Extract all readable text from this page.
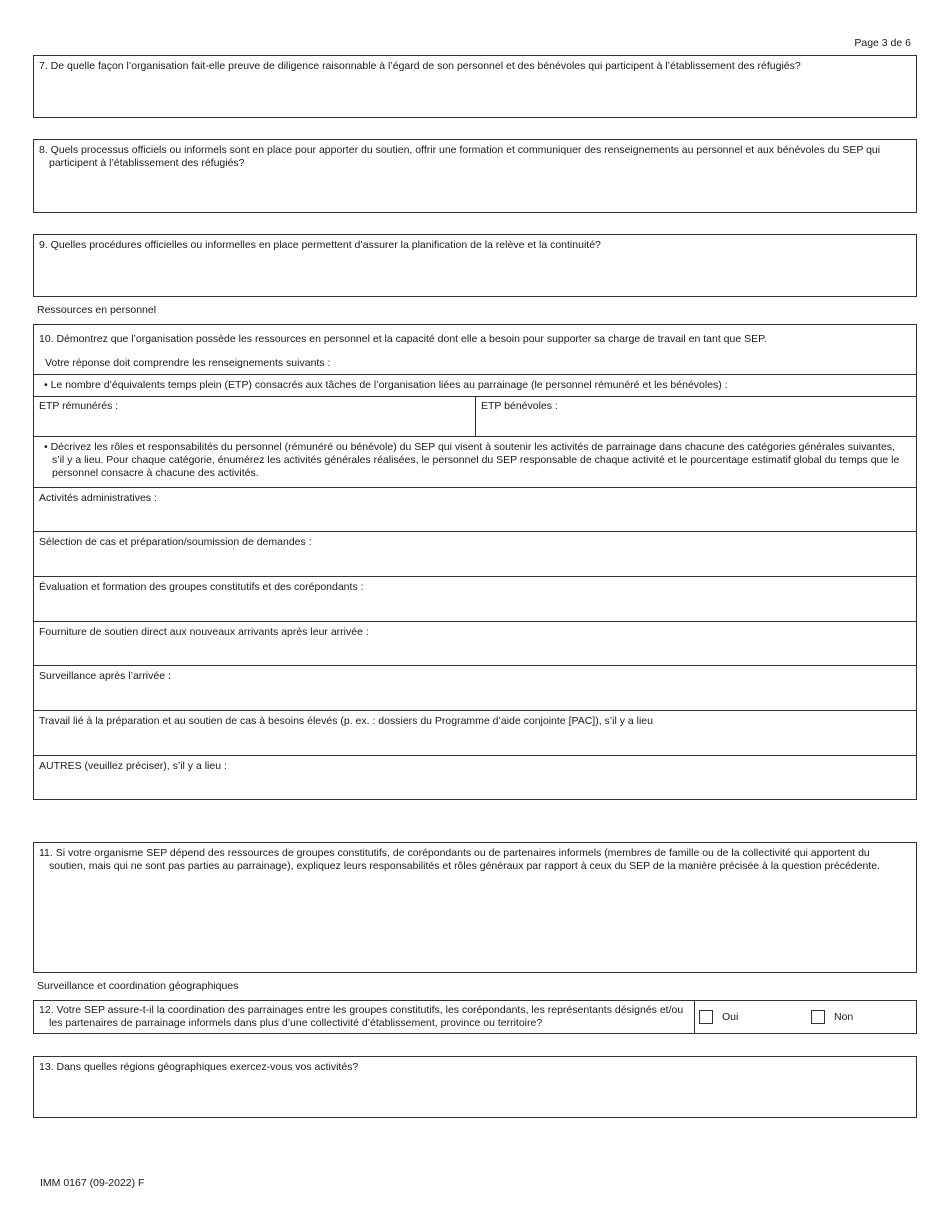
Page 3 de 6
7. De quelle façon l’organisation fait-elle preuve de diligence raisonnable à l’égard de son personnel et des bénévoles qui participent à l’établissement des réfugiés?
8. Quels processus officiels ou informels sont en place pour apporter du soutien, offrir une formation et communiquer des renseignements au personnel et aux bénévoles du SEP qui participent à l’établissement des réfugiés?
9. Quelles procédures officielles ou informelles en place permettent d’assurer la planification de la relève et la continuité?
Ressources en personnel
10. Démontrez que l’organisation possède les ressources en personnel et la capacité dont elle a besoin pour supporter sa charge de travail en tant que SEP.
Votre réponse doit comprendre les renseignements suivants :
• Le nombre d’équivalents temps plein (ETP) consacrés aux tâches de l’organisation liées au parrainage (le personnel rémunéré et les bénévoles) :
ETP rémunérés :	ETP bénévoles :
• Décrivez les rôles et responsabilités du personnel (rémunéré ou bénévole) du SEP qui visent à soutenir les activités de parrainage dans chacune des catégories générales suivantes, s’il y a lieu. Pour chaque catégorie, énumérez les activités générales réalisées, le personnel du SEP responsable de chaque activité et le pourcentage estimatif global du temps que le personnel consacre à chacune des activités.
Activités administratives :
Sélection de cas et préparation/soumission de demandes :
Évaluation et formation des groupes constitutifs et des corépondants :
Fourniture de soutien direct aux nouveaux arrivants après leur arrivée :
Surveillance après l’arrivée :
Travail lié à la préparation et au soutien de cas à besoins élevés (p. ex. : dossiers du Programme d’aide conjointe [PAC]), s’il y a lieu
AUTRES (veuillez préciser), s’il y a lieu :
11. Si votre organisme SEP dépend des ressources de groupes constitutifs, de corépondants ou de partenaires informels (membres de famille ou de la collectivité qui apportent du soutien, mais qui ne sont pas parties au parrainage), expliquez leurs responsabilités et rôles généraux par rapport à ceux du SEP de la manière précisée à la question précédente.
Surveillance et coordination géographiques
12. Votre SEP assure-t-il la coordination des parrainages entre les groupes constitutifs, les corépondants, les représentants désignés et/ou les partenaires de parrainage informels dans plus d’une collectivité d’établissement, province ou territoire?	Oui	Non
13. Dans quelles régions géographiques exercez-vous vos activités?
IMM 0167 (09-2022) F
